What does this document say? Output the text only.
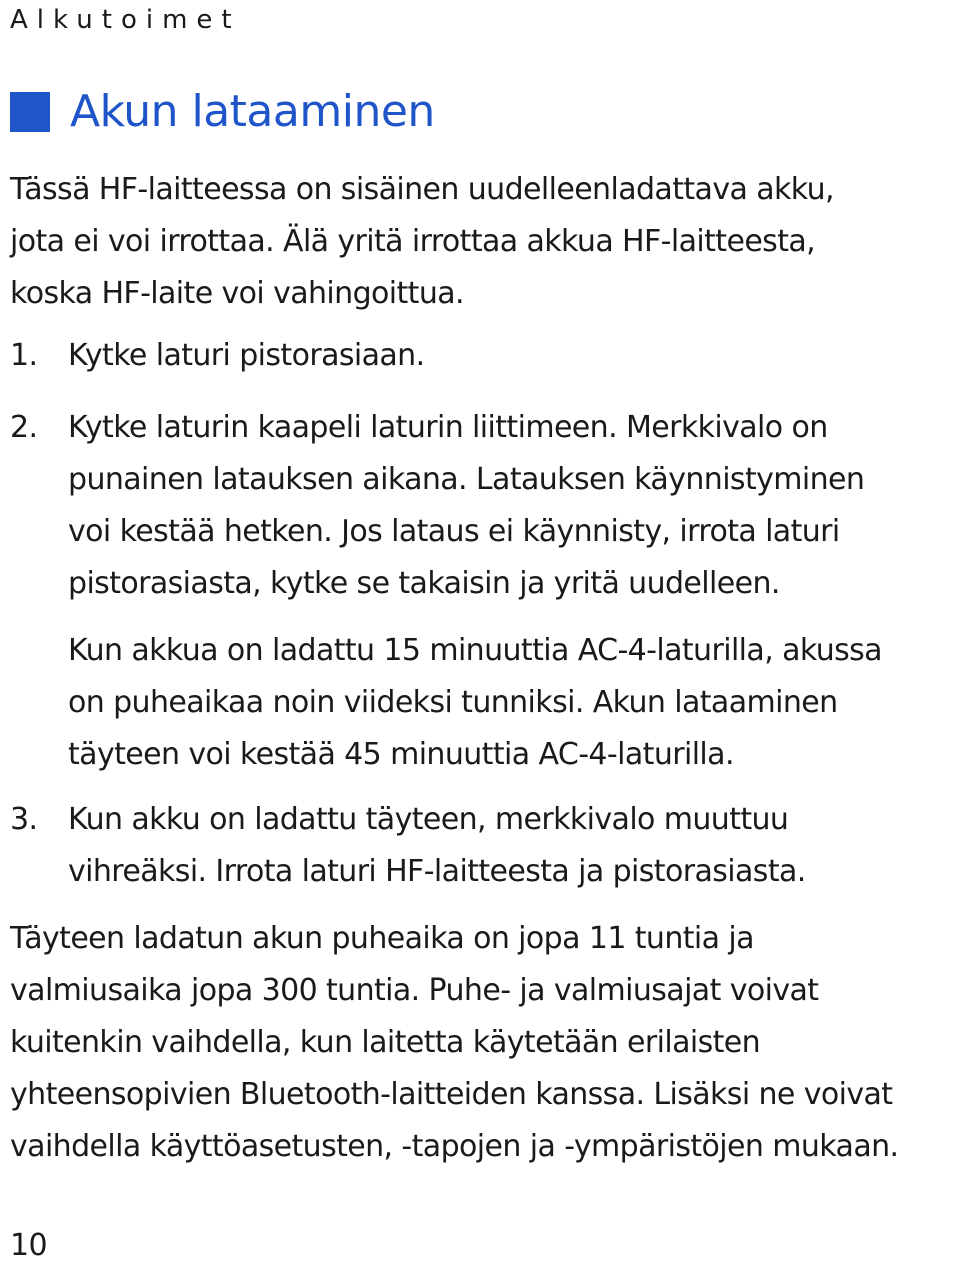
Alkutoimet
Akun lataaminen
Tässä HF-laitteessa on sisäinen uudelleenladattava akku,
jota ei voi irrottaa. Älä yritä irrottaa akkua HF-laitteesta,
koska HF-laite voi vahingoittua.
1. Kytke laturi pistorasiaan.
2. Kytke laturin kaapeli laturin liittimeen. Merkkivalo on
punainen latauksen aikana. Latauksen käynnistyminen
voi kestää hetken. Jos lataus ei käynnisty, irrota laturi
pistorasiasta, kytke se takaisin ja yritä uudelleen.
Kun akkua on ladattu 15 minuuttia AC-4-laturilla, akussa
on puheaikaa noin viideksi tunniksi. Akun lataaminen
täyteen voi kestää 45 minuuttia AC-4-laturilla.
3. Kun akku on ladattu täyteen, merkkivalo muuttuu
vihreäksi. Irrota laturi HF-laitteesta ja pistorasiasta.
Täyteen ladatun akun puheaika on jopa 11 tuntia ja
valmiusaika jopa 300 tuntia. Puhe- ja valmiusajat voivat
kuitenkin vaihdella, kun laitetta käytetään erilaisten
yhteensopivien Bluetooth-laitteiden kanssa. Lisäksi ne voivat
vaihdella käyttöasetusten, -tapojen ja -ympäristöjen mukaan.
10
